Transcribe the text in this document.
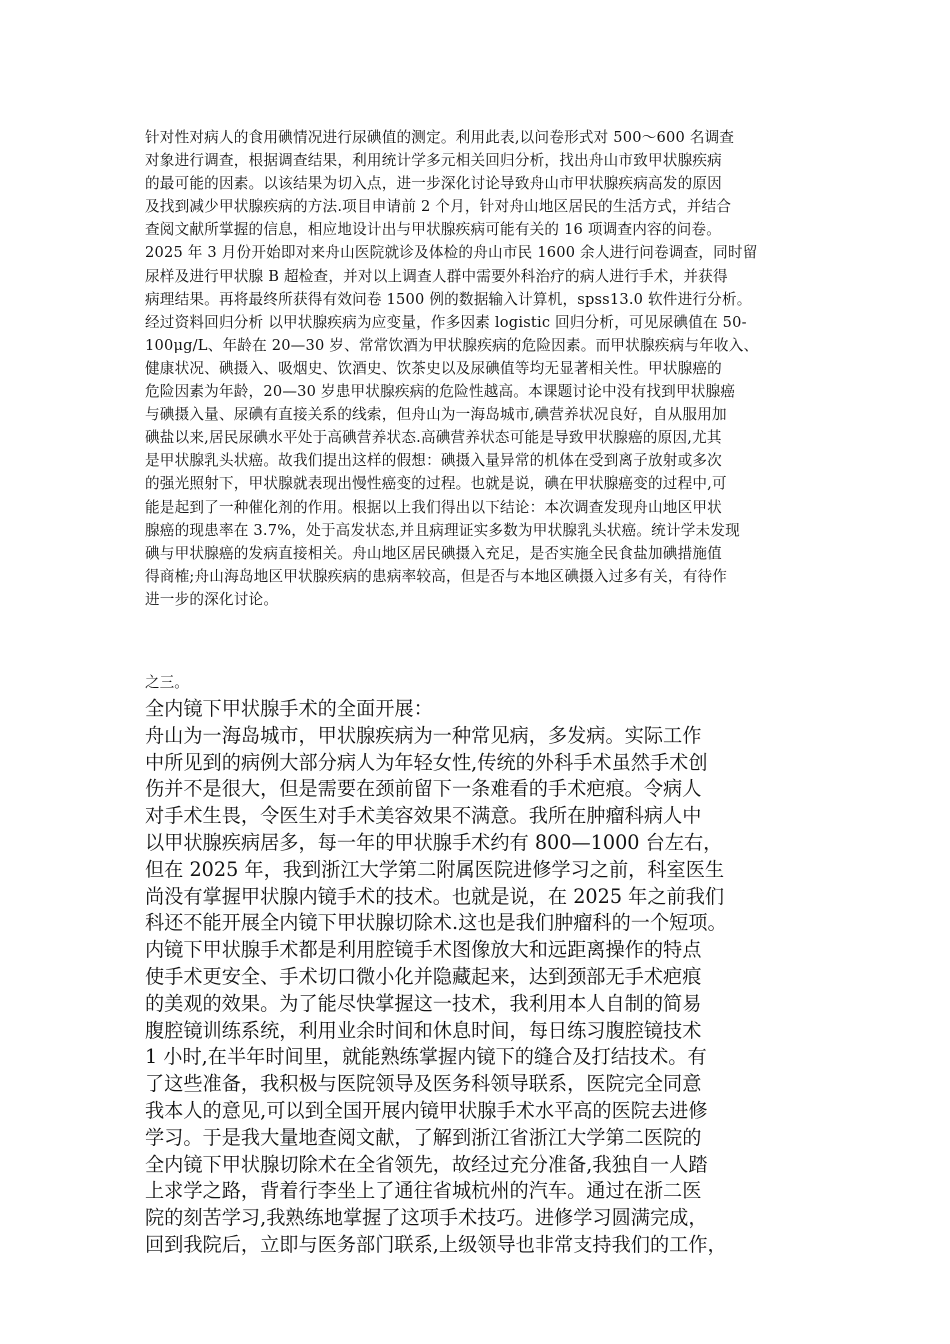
针对性对病人的食用碘情况进行尿碘值的测定。利用此表,以问卷形式对 500～600 名调查
对象进行调查，根据调查结果，利用统计学多元相关回归分析，找出舟山市致甲状腺疾病
的最可能的因素。以该结果为切入点，进一步深化讨论导致舟山市甲状腺疾病高发的原因
及找到减少甲状腺疾病的方法.项目申请前 2 个月，针对舟山地区居民的生活方式，并结合
查阅文献所掌握的信息，相应地设计出与甲状腺疾病可能有关的 16 项调查内容的问卷。
2025 年 3 月份开始即对来舟山医院就诊及体检的舟山市民 1600 余人进行问卷调查，同时留
尿样及进行甲状腺 B 超检查，并对以上调查人群中需要外科治疗的病人进行手术，并获得
病理结果。再将最终所获得有效问卷 1500 例的数据输入计算机，spss13.0 软件进行分析。
经过资料回归分析 以甲状腺疾病为应变量，作多因素 logistic 回归分析，可见尿碘值在 50-
100μg/L、年龄在 20—30 岁、常常饮酒为甲状腺疾病的危险因素。而甲状腺疾病与年收入、
健康状况、碘摄入、吸烟史、饮酒史、饮茶史以及尿碘值等均无显著相关性。甲状腺癌的
危险因素为年龄，20—30 岁患甲状腺疾病的危险性越高。本课题讨论中没有找到甲状腺癌
与碘摄入量、尿碘有直接关系的线索，但舟山为一海岛城市,碘营养状况良好，自从服用加
碘盐以来,居民尿碘水平处于高碘营养状态.高碘营养状态可能是导致甲状腺癌的原因,尤其
是甲状腺乳头状癌。故我们提出这样的假想：碘摄入量异常的机体在受到离子放射或多次
的强光照射下，甲状腺就表现出慢性癌变的过程。也就是说，碘在甲状腺癌变的过程中,可
能是起到了一种催化剂的作用。根据以上我们得出以下结论：本次调查发现舟山地区甲状
腺癌的现患率在 3.7%，处于高发状态,并且病理证实多数为甲状腺乳头状癌。统计学未发现
碘与甲状腺癌的发病直接相关。舟山地区居民碘摄入充足，是否实施全民食盐加碘措施值
得商榷;舟山海岛地区甲状腺疾病的患病率较高，但是否与本地区碘摄入过多有关，有待作
进一步的深化讨论。
之三。
全内镜下甲状腺手术的全面开展：
舟山为一海岛城市，甲状腺疾病为一种常见病，多发病。实际工作
中所见到的病例大部分病人为年轻女性,传统的外科手术虽然手术创
伤并不是很大，但是需要在颈前留下一条难看的手术疤痕。令病人
对手术生畏，令医生对手术美容效果不满意。我所在肿瘤科病人中
以甲状腺疾病居多，每一年的甲状腺手术约有 800—1000 台左右，
但在 2025 年，我到浙江大学第二附属医院进修学习之前，科室医生
尚没有掌握甲状腺内镜手术的技术。也就是说，在 2025 年之前我们
科还不能开展全内镜下甲状腺切除术.这也是我们肿瘤科的一个短项。
内镜下甲状腺手术都是利用腔镜手术图像放大和远距离操作的特点
使手术更安全、手术切口微小化并隐藏起来，达到颈部无手术疤痕
的美观的效果。为了能尽快掌握这一技术，我利用本人自制的简易
腹腔镜训练系统，利用业余时间和休息时间，每日练习腹腔镜技术
1 小时,在半年时间里，就能熟练掌握内镜下的缝合及打结技术。有
了这些准备，我积极与医院领导及医务科领导联系，医院完全同意
我本人的意见,可以到全国开展内镜甲状腺手术水平高的医院去进修
学习。于是我大量地查阅文献，了解到浙江省浙江大学第二医院的
全内镜下甲状腺切除术在全省领先，故经过充分准备,我独自一人踏
上求学之路，背着行李坐上了通往省城杭州的汽车。通过在浙二医
院的刻苦学习,我熟练地掌握了这项手术技巧。进修学习圆满完成，
回到我院后，立即与医务部门联系,上级领导也非常支持我们的工作，
